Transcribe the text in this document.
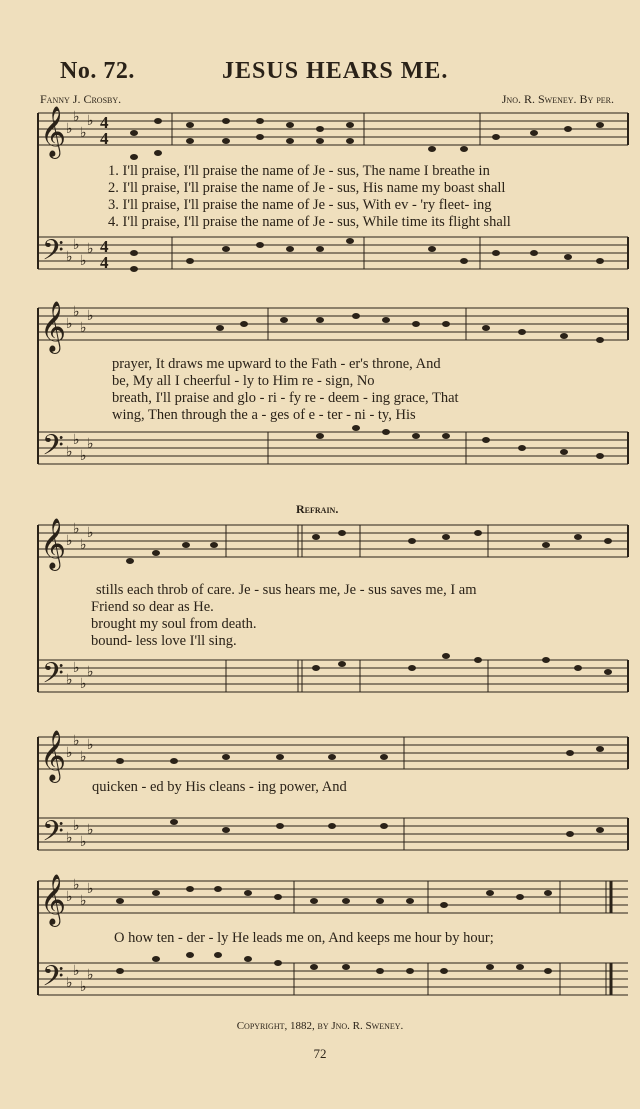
No. 72.	JESUS HEARS ME.
Fanny J. Crosby.	Jno. R. Sweney. By per.
𝄞
𝄞
𝄞
𝄞
𝄞
𝄢
𝄢
𝄢
𝄢
𝄢
♭
♭
♭
♭
♭
♭
♭
♭
♭
♭
♭
♭
♭
♭
♭
♭
♭
♭
♭
♭
♭
♭
♭
♭
♭
♭
♭
♭
♭
♭
♭
♭
♭
♭
♭
♭
♭
♭
♭
♭
4
4
4
4
1. I'll praise, I'll praise the name of Je - sus, The name I breathe in
2. I'll praise, I'll praise the name of Je - sus, His name my boast shall
3. I'll praise, I'll praise the name of Je - sus, With ev - 'ry fleet- ing
4. I'll praise, I'll praise the name of Je - sus, While time its flight shall
prayer, It draws me upward to the Fath - er's throne, And
be, My all I cheerful - ly to Him re - sign, No
breath, I'll praise and glo - ri - fy re - deem - ing grace, That
wing, Then through the a - ges of e - ter - ni - ty, His
Refrain.
stills each throb of care. Je - sus hears me, Je - sus saves me, I am
Friend so dear as He.
brought my soul from death.
bound- less love I'll sing.
quicken - ed by His cleans - ing power, And
O how ten - der - ly He leads me on, And keeps me hour by hour;
Copyright, 1882, by Jno. R. Sweney.
72
